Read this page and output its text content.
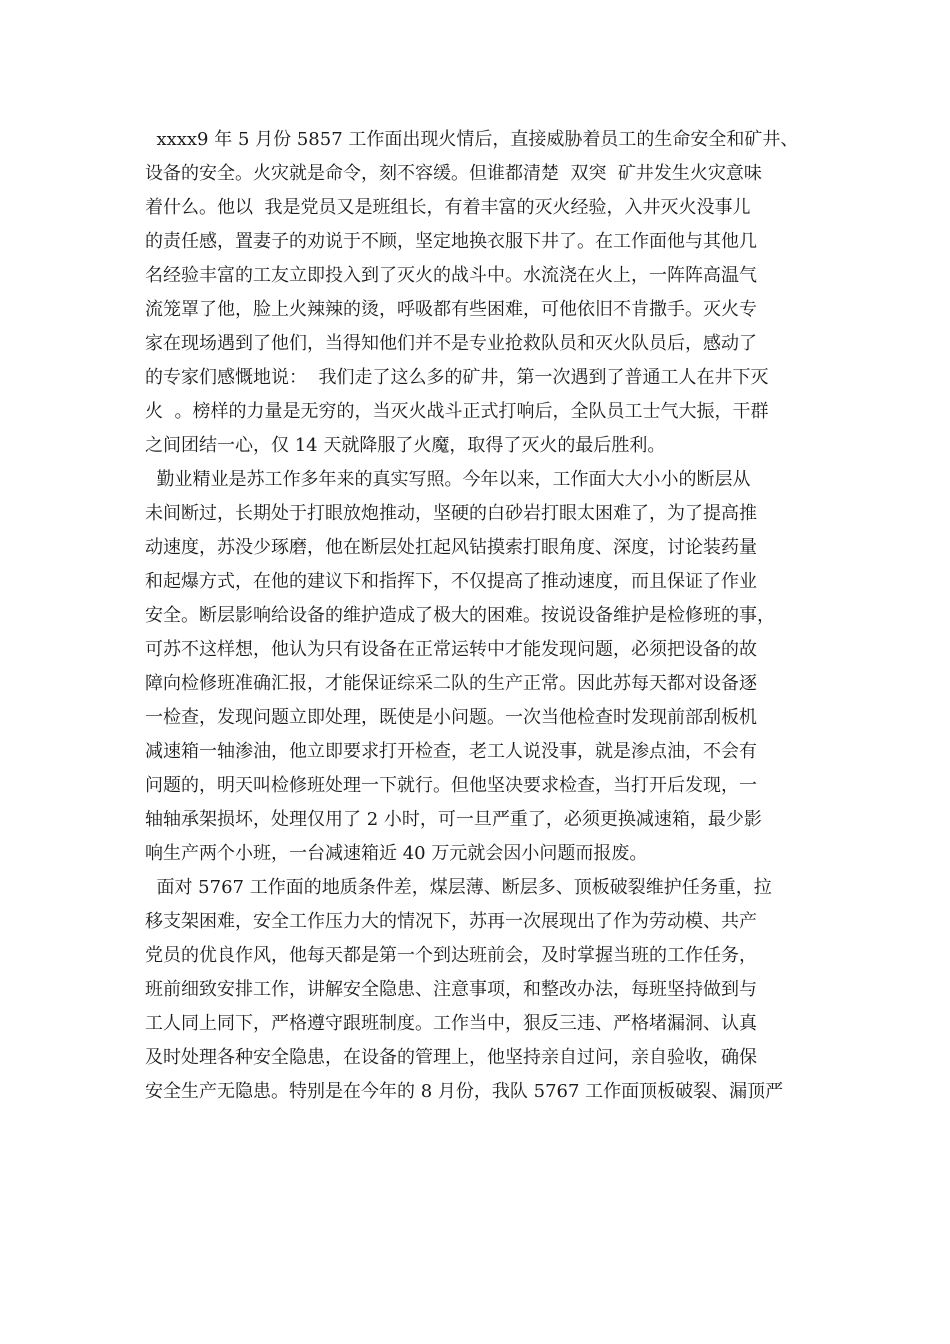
xxxx9 年 5 月份 5857 工作面出现火情后，直接威胁着员工的生命安全和矿井、
设备的安全。火灾就是命令，刻不容缓。但谁都清楚  双突  矿井发生火灾意味
着什么。他以  我是党员又是班组长，有着丰富的灭火经验，入井灭火没事儿
的责任感，置妻子的劝说于不顾，坚定地换衣服下井了。在工作面他与其他几
名经验丰富的工友立即投入到了灭火的战斗中。水流浇在火上，一阵阵高温气
流笼罩了他，脸上火辣辣的烫，呼吸都有些困难，可他依旧不肯撒手。灭火专
家在现场遇到了他们，当得知他们并不是专业抢救队员和灭火队员后，感动了
的专家们感慨地说：  我们走了这么多的矿井，第一次遇到了普通工人在井下灭
火  。榜样的力量是无穷的，当灭火战斗正式打响后，全队员工士气大振，干群
之间团结一心，仅 14 天就降服了火魔，取得了灭火的最后胜利。
勤业精业是苏工作多年来的真实写照。今年以来，工作面大大小小的断层从
未间断过，长期处于打眼放炮推动，坚硬的白砂岩打眼太困难了，为了提高推
动速度，苏没少琢磨，他在断层处扛起风钻摸索打眼角度、深度，讨论装药量
和起爆方式，在他的建议下和指挥下，不仅提高了推动速度，而且保证了作业
安全。断层影响给设备的维护造成了极大的困难。按说设备维护是检修班的事，
可苏不这样想，他认为只有设备在正常运转中才能发现问题，必须把设备的故
障向检修班准确汇报，才能保证综采二队的生产正常。因此苏每天都对设备逐
一检查，发现问题立即处理，既使是小问题。一次当他检查时发现前部刮板机
减速箱一轴渗油，他立即要求打开检查，老工人说没事，就是渗点油，不会有
问题的，明天叫检修班处理一下就行。但他坚决要求检查，当打开后发现，一
轴轴承架损坏，处理仅用了 2 小时，可一旦严重了，必须更换减速箱，最少影
响生产两个小班，一台减速箱近 40 万元就会因小问题而报废。
面对 5767 工作面的地质条件差，煤层薄、断层多、顶板破裂维护任务重，拉
移支架困难，安全工作压力大的情况下，苏再一次展现出了作为劳动模、共产
党员的优良作风，他每天都是第一个到达班前会，及时掌握当班的工作任务，
班前细致安排工作，讲解安全隐患、注意事项，和整改办法，每班坚持做到与
工人同上同下，严格遵守跟班制度。工作当中，狠反三违、严格堵漏洞、认真
及时处理各种安全隐患，在设备的管理上，他坚持亲自过问，亲自验收，确保
安全生产无隐患。特别是在今年的 8 月份，我队 5767 工作面顶板破裂、漏顶严
